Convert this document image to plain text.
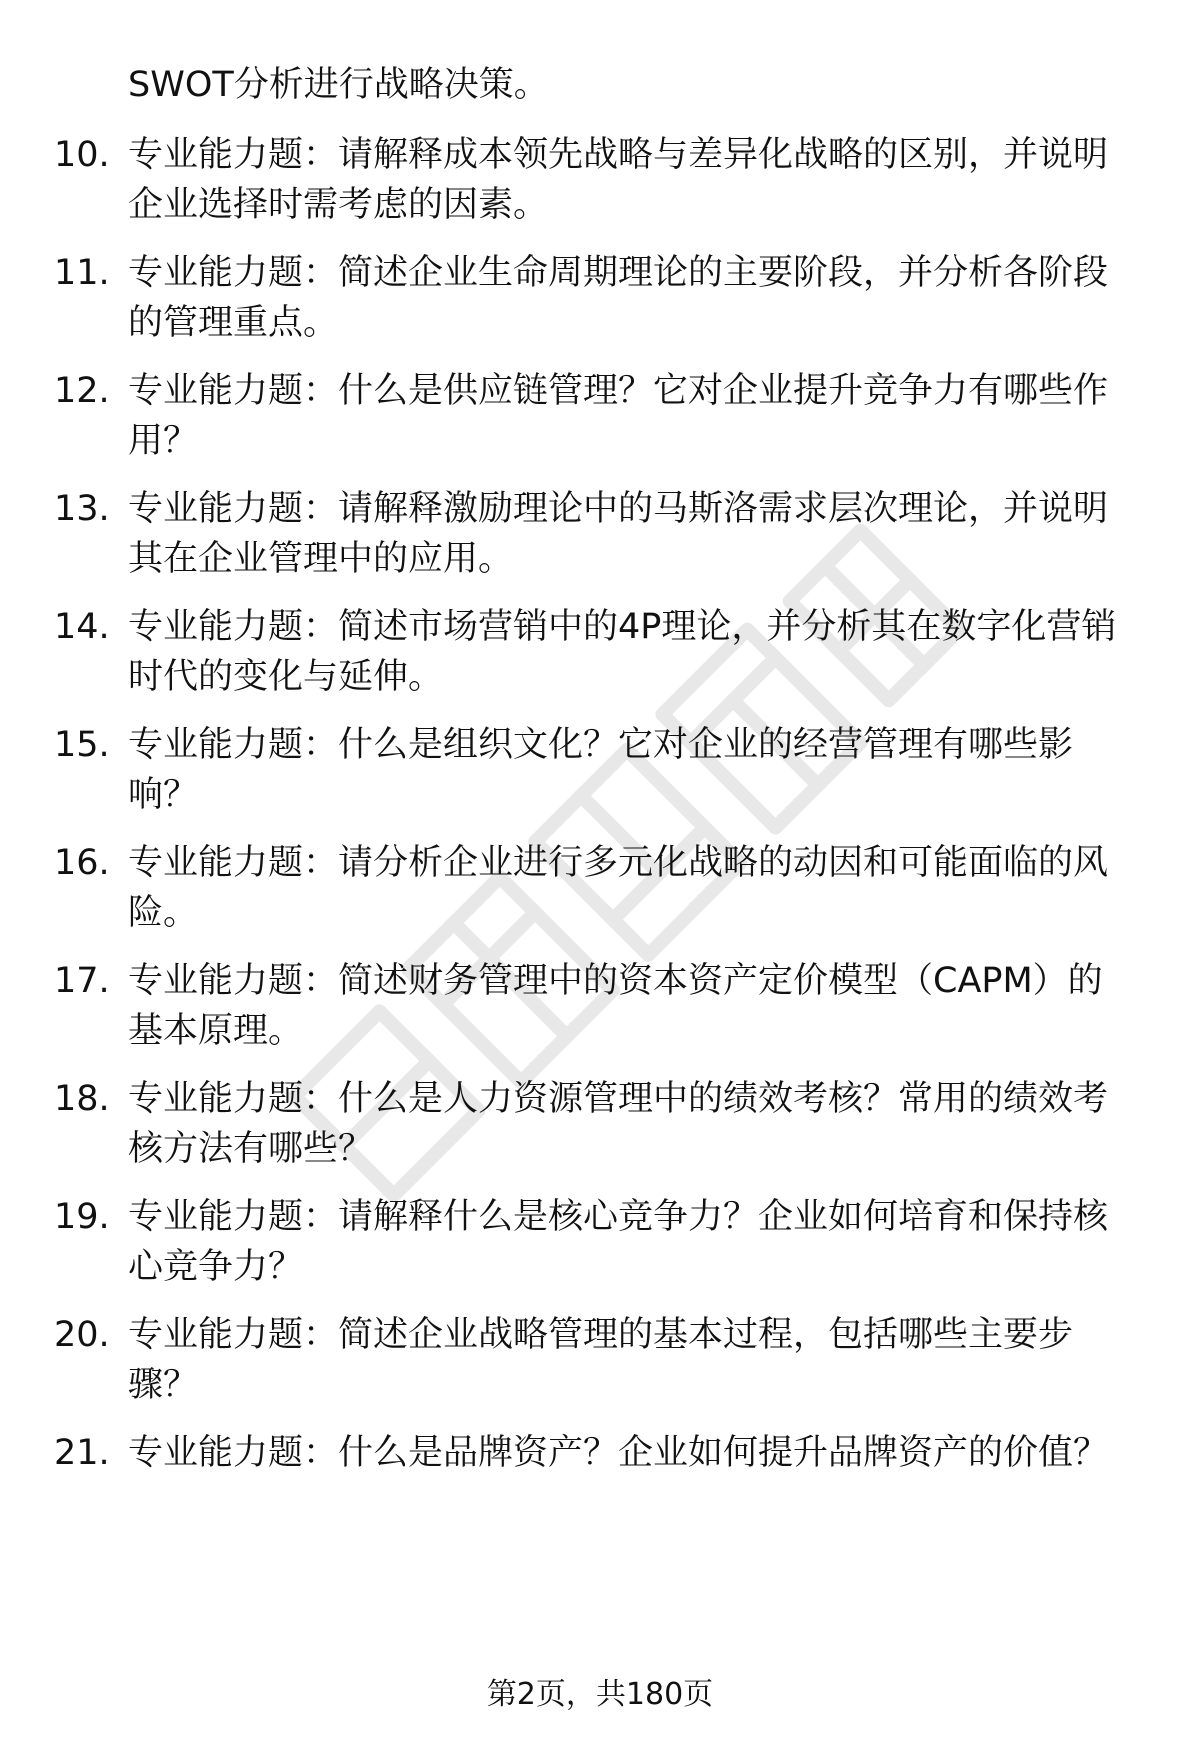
SWOT分析进行战略决策。
10. 专业能力题：请解释成本领先战略与差异化战略的区别，并说明
企业选择时需考虑的因素。
11. 专业能力题：简述企业生命周期理论的主要阶段，并分析各阶段
的管理重点。
12. 专业能力题：什么是供应链管理？它对企业提升竞争力有哪些作
用？
13. 专业能力题：请解释激励理论中的马斯洛需求层次理论，并说明
其在企业管理中的应用。
14. 专业能力题：简述市场营销中的4P理论，并分析其在数字化营销
时代的变化与延伸。
15. 专业能力题：什么是组织文化？它对企业的经营管理有哪些影
响？
16. 专业能力题：请分析企业进行多元化战略的动因和可能面临的风
险。
17. 专业能力题：简述财务管理中的资本资产定价模型（CAPM）的
基本原理。
18. 专业能力题：什么是人力资源管理中的绩效考核？常用的绩效考
核方法有哪些？
19. 专业能力题：请解释什么是核心竞争力？企业如何培育和保持核
心竞争力？
20. 专业能力题：简述企业战略管理的基本过程，包括哪些主要步
骤？
21. 专业能力题：什么是品牌资产？企业如何提升品牌资产的价值？
第2页，共180页
